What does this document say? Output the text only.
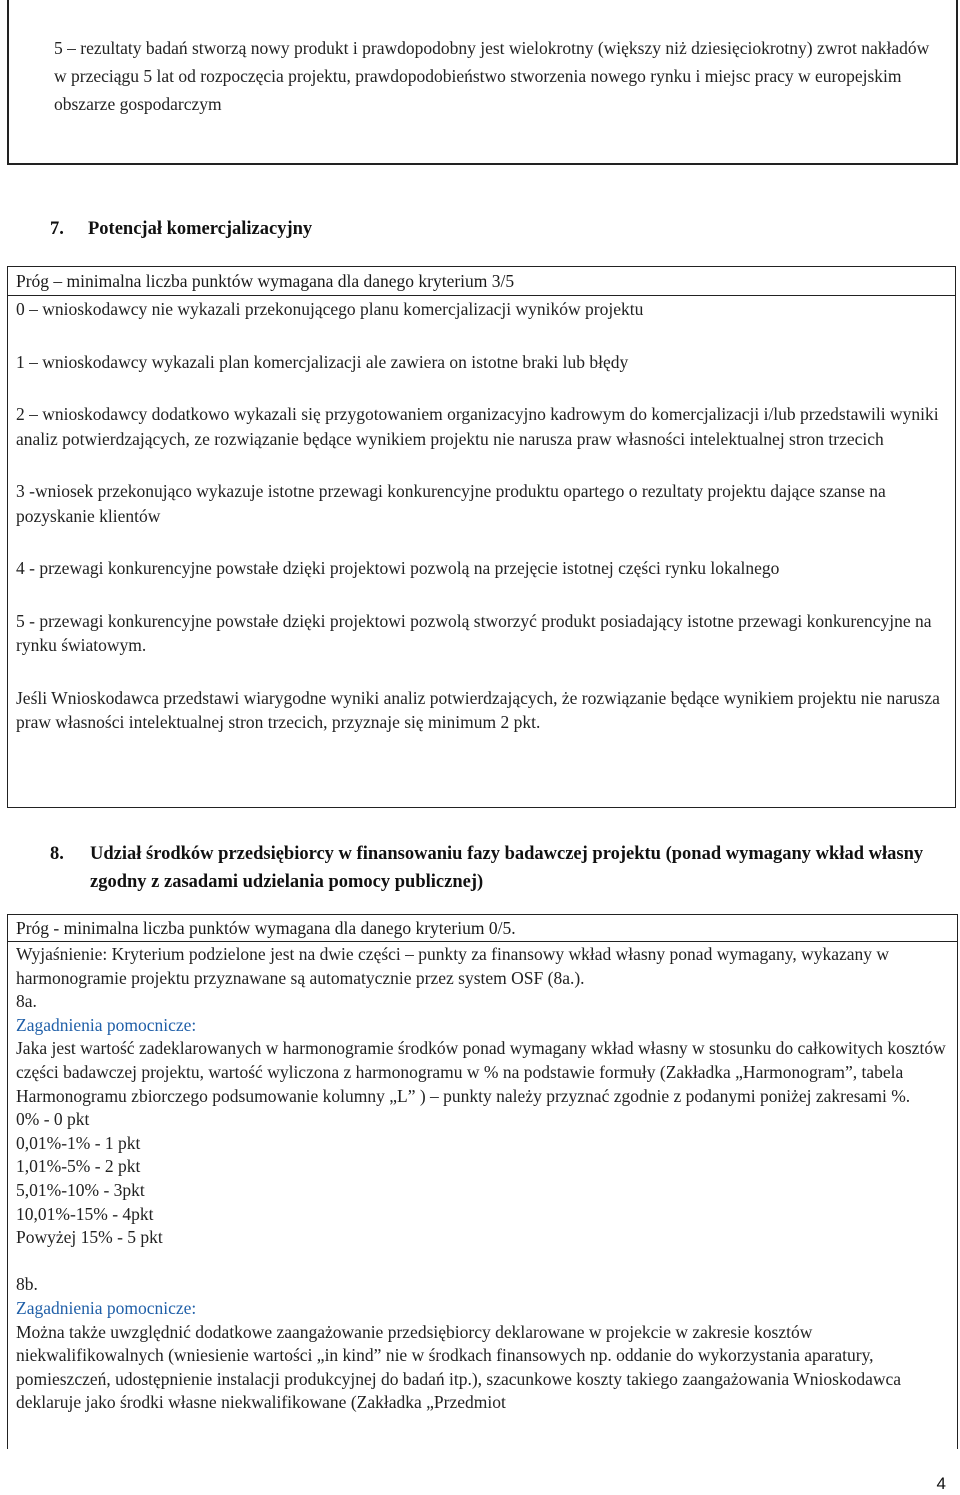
5 – rezultaty badań stworzą nowy produkt i prawdopodobny jest wielokrotny (większy niż dziesięciokrotny) zwrot nakładów w przeciągu 5 lat od rozpoczęcia projektu, prawdopodobieństwo stworzenia nowego rynku i miejsc pracy w europejskim obszarze gospodarczym

7. Potencjał komercjalizacyjny
Próg – minimalna liczba punktów wymagana dla danego kryterium 3/5

0 – wnioskodawcy nie wykazali przekonującego planu komercjalizacji wyników projektu

1 – wnioskodawcy wykazali plan komercjalizacji ale zawiera on istotne braki lub błędy

2 – wnioskodawcy dodatkowo wykazali się przygotowaniem organizacyjno kadrowym do komercjalizacji i/lub przedstawili wyniki analiz potwierdzających, ze rozwiązanie będące wynikiem projektu nie narusza praw własności intelektualnej stron trzecich

3 -wniosek przekonująco wykazuje istotne przewagi konkurencyjne produktu opartego o rezultaty projektu dające szanse na pozyskanie klientów

4 - przewagi konkurencyjne powstałe dzięki projektowi pozwolą na przejęcie istotnej części rynku lokalnego

5 - przewagi konkurencyjne powstałe dzięki projektowi pozwolą stworzyć produkt posiadający istotne przewagi konkurencyjne na rynku światowym.

Jeśli Wnioskodawca przedstawi wiarygodne wyniki analiz potwierdzających, że rozwiązanie będące wynikiem projektu nie narusza praw własności intelektualnej stron trzecich, przyznaje się minimum 2 pkt.

8. Udział środków przedsiębiorcy w finansowaniu fazy badawczej projektu (ponad wymagany wkład własny zgodny z zasadami udzielania pomocy publicznej)
Próg - minimalna liczba punktów wymagana dla danego kryterium 0/5.

Wyjaśnienie: Kryterium podzielone jest na dwie części – punkty za finansowy wkład własny ponad wymagany, wykazany w harmonogramie projektu przyznawane są automatycznie przez system OSF (8a.).

8a.

Zagadnienia pomocnicze:

Jaka jest wartość zadeklarowanych w harmonogramie środków ponad wymagany wkład własny w stosunku do całkowitych kosztów części badawczej projektu, wartość wyliczona z harmonogramu w % na podstawie formuły (Zakładka „Harmonogram”, tabela Harmonogramu zbiorczego podsumowanie kolumny „L” ) – punkty należy przyznać zgodnie z podanymi poniżej zakresami %.

0% - 0 pkt

0,01%-1% - 1 pkt

1,01%-5% - 2 pkt

5,01%-10% - 3pkt

10,01%-15% - 4pkt

Powyżej 15% - 5 pkt

8b.

Zagadnienia pomocnicze:

Można także uwzględnić dodatkowe zaangażowanie przedsiębiorcy deklarowane w projekcie w zakresie kosztów niekwalifikowalnych (wniesienie wartości „in kind” nie w środkach finansowych np. oddanie do wykorzystania aparatury, pomieszczeń, udostępnienie instalacji produkcyjnej do badań itp.), szacunkowe koszty takiego zaangażowania Wnioskodawca deklaruje jako środki własne niekwalifikowane (Zakładka „Przedmiot

4
